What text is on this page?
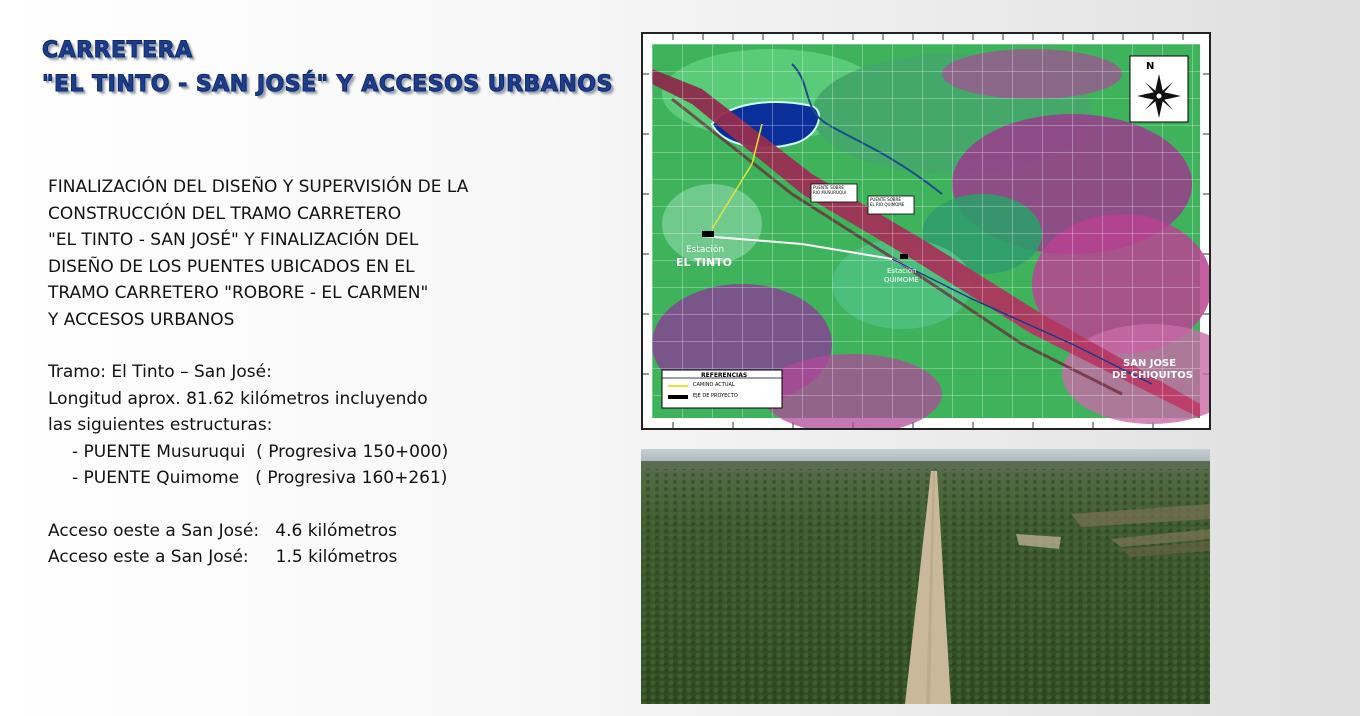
CARRETERA
"EL TINTO - SAN JOSÉ" Y ACCESOS URBANOS
FINALIZACIÓN DEL DISEÑO Y SUPERVISIÓN DE LA
CONSTRUCCIÓN DEL TRAMO CARRETERO
"EL TINTO - SAN JOSÉ" Y FINALIZACIÓN DEL
DISEÑO DE LOS PUENTES UBICADOS EN EL
TRAMO CARRETERO "ROBORE - EL CARMEN"
Y ACCESOS URBANOS
Tramo: El Tinto – San José:
Longitud aprox. 81.62 kilómetros incluyendo
las siguientes estructuras:
- PUENTE Musuruqui  ( Progresiva 150+000)
- PUENTE Quimome   ( Progresiva 160+261)
Acceso oeste a San José:   4.6 kilómetros
Acceso este a San José:     1.5 kilómetros
N
Estación
EL TINTO
Estación
QUIMOME
SAN JOSE
DE CHIQUITOS
PUENTE SOBRE
RIO MUSURUQUI
PUENTE SOBRE
EL RIO QUIMOME
REFERENCIAS
CAMINO ACTUAL
EJE DE PROYECTO
